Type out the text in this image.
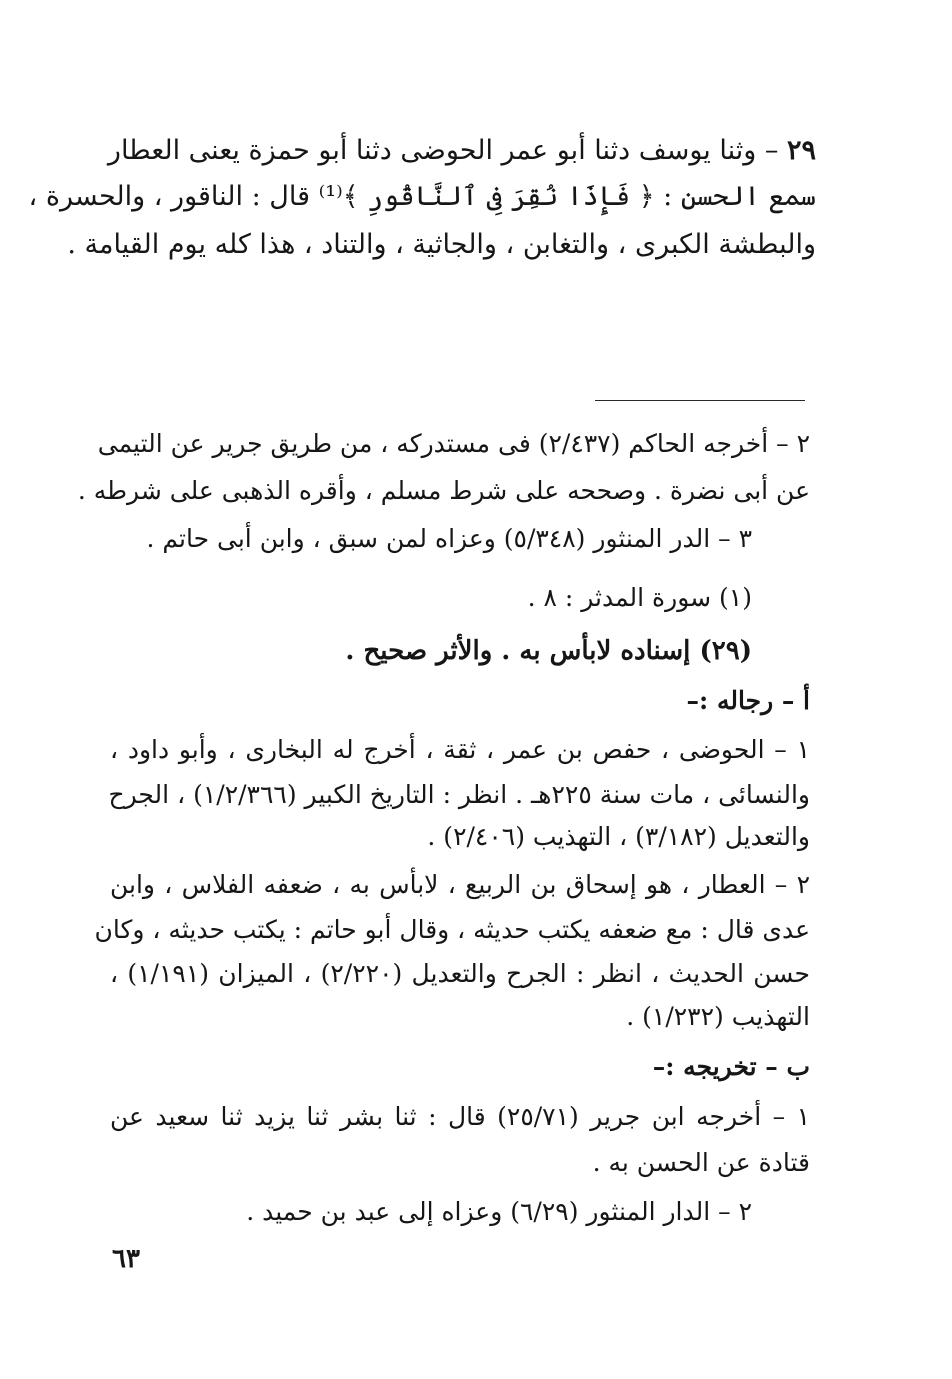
٢٩ – وثنا يوسف دثنا أبو عمر الحوضى دثنا أبو حمزة يعنى العطار
سمع الحسن : ﴿ فَإِذَا نُقِرَ فِى ٱلنَّاقُورِ ﴾⁽¹⁾ قال : الناقور ، والحسرة ،
والبطشة الكبرى ، والتغابن ، والجاثية ، والتناد ، هذا كله يوم القيامة .
٢ – أخرجه الحاكم (٢/٤٣٧) فى مستدركه ، من طريق جرير عن التيمى
عن أبى نضرة . وصححه على شرط مسلم ، وأقره الذهبى على شرطه .
٣ – الدر المنثور (٥/٣٤٨) وعزاه لمن سبق ، وابن أبى حاتم .
(١) سورة المدثر : ٨ .
(٢٩) إسناده لابأس به . والأثر صحيح .
أ – رجاله :–
١ – الحوضى ، حفص بن عمر ، ثقة ، أخرج له البخارى ، وأبو داود ،
والنسائى ، مات سنة ٢٢٥هـ . انظر : التاريخ الكبير (١/٢/٣٦٦) ، الجرح
والتعديل (٣/١٨٢) ، التهذيب (٢/٤٠٦) .
٢ – العطار ، هو إسحاق بن الربيع ، لابأس به ، ضعفه الفلاس ، وابن
عدى قال : مع ضعفه يكتب حديثه ، وقال أبو حاتم : يكتب حديثه ، وكان
حسن الحديث ، انظر : الجرح والتعديل (٢/٢٢٠) ، الميزان (١/١٩١) ،
التهذيب (١/٢٣٢) .
ب – تخريجه :–
١ – أخرجه ابن جرير (٢٥/٧١) قال : ثنا بشر ثنا يزيد ثنا سعيد عن
قتادة عن الحسن به .
٢ – الدار المنثور (٦/٢٩) وعزاه إلى عبد بن حميد .
٦٣
